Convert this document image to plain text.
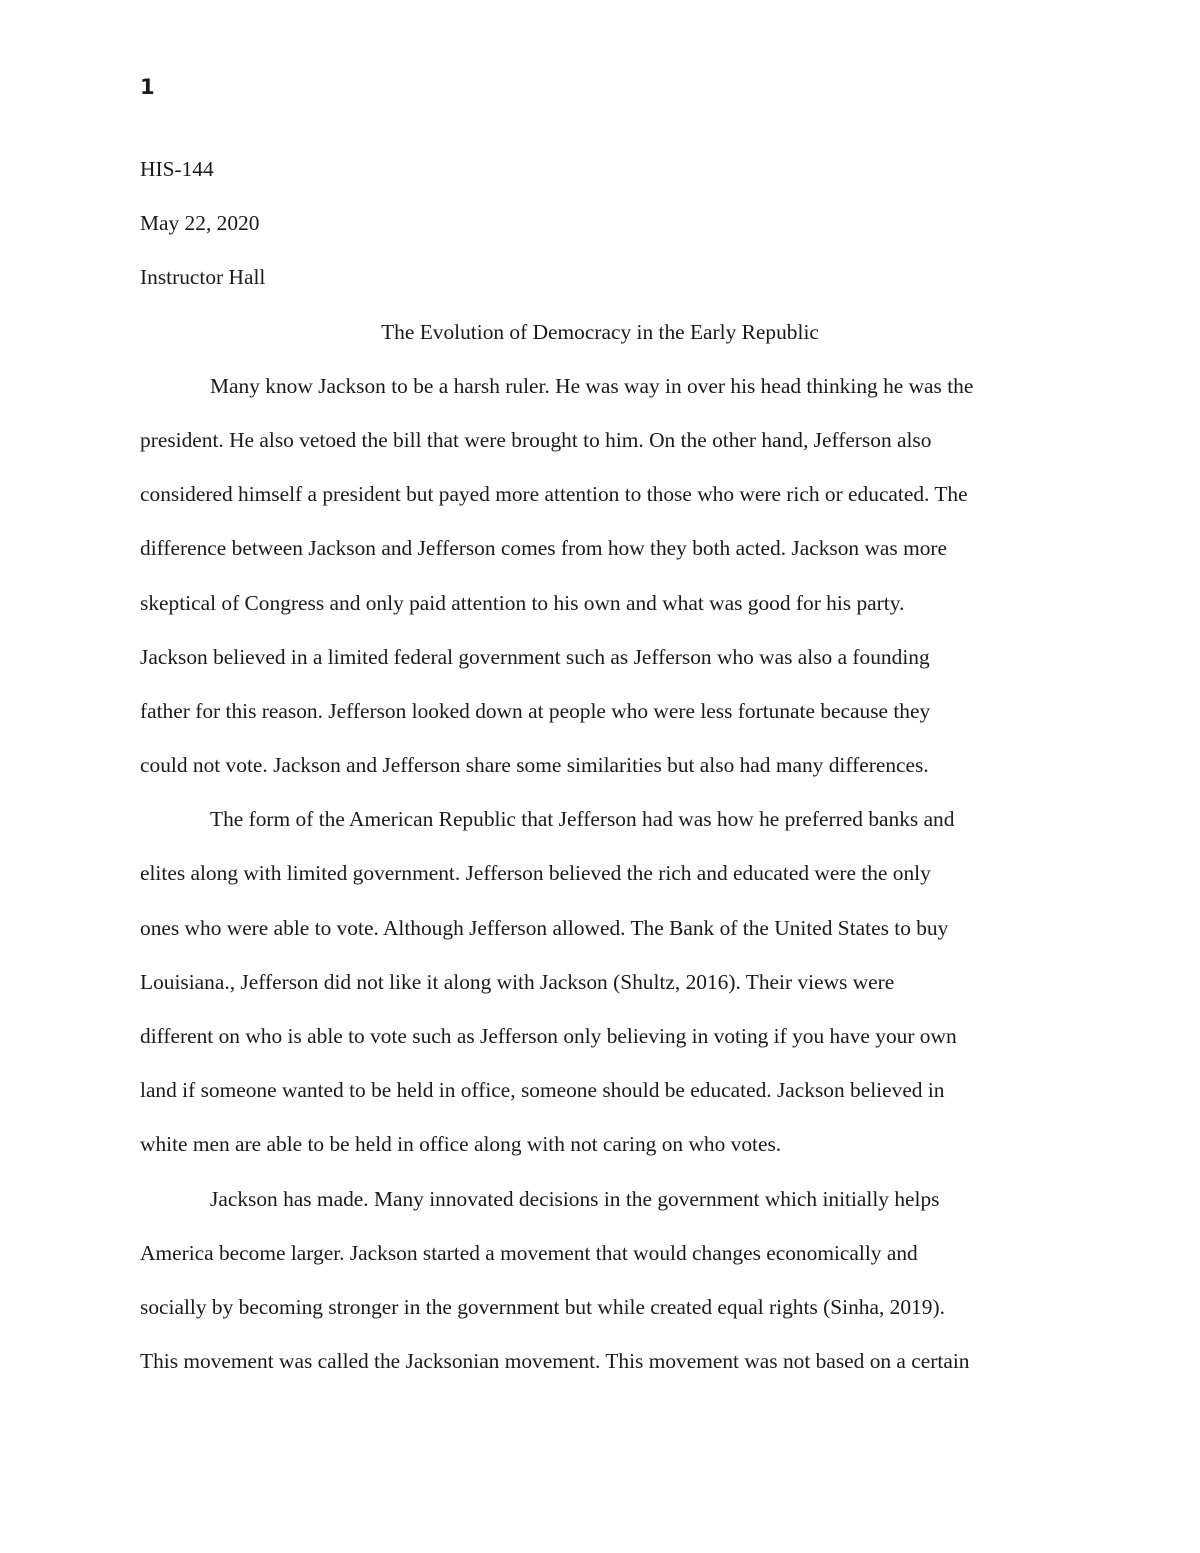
1

HIS-144

May 22, 2020

Instructor Hall

The Evolution of Democracy in the Early Republic

Many know Jackson to be a harsh ruler. He was way in over his head thinking he was the

president. He also vetoed the bill that were brought to him. On the other hand, Jefferson also

considered himself a president but payed more attention to those who were rich or educated. The

difference between Jackson and Jefferson comes from how they both acted. Jackson was more

skeptical of Congress and only paid attention to his own and what was good for his party.

Jackson believed in a limited federal government such as Jefferson who was also a founding

father for this reason. Jefferson looked down at people who were less fortunate because they

could not vote. Jackson and Jefferson share some similarities but also had many differences.

The form of the American Republic that Jefferson had was how he preferred banks and

elites along with limited government. Jefferson believed the rich and educated were the only

ones who were able to vote. Although Jefferson allowed. The Bank of the United States to buy

Louisiana., Jefferson did not like it along with Jackson (Shultz, 2016). Their views were

different on who is able to vote such as Jefferson only believing in voting if you have your own

land if someone wanted to be held in office, someone should be educated. Jackson believed in

white men are able to be held in office along with not caring on who votes.

Jackson has made. Many innovated decisions in the government which initially helps

America become larger. Jackson started a movement that would changes economically and

socially by becoming stronger in the government but while created equal rights (Sinha, 2019).

This movement was called the Jacksonian movement. This movement was not based on a certain
